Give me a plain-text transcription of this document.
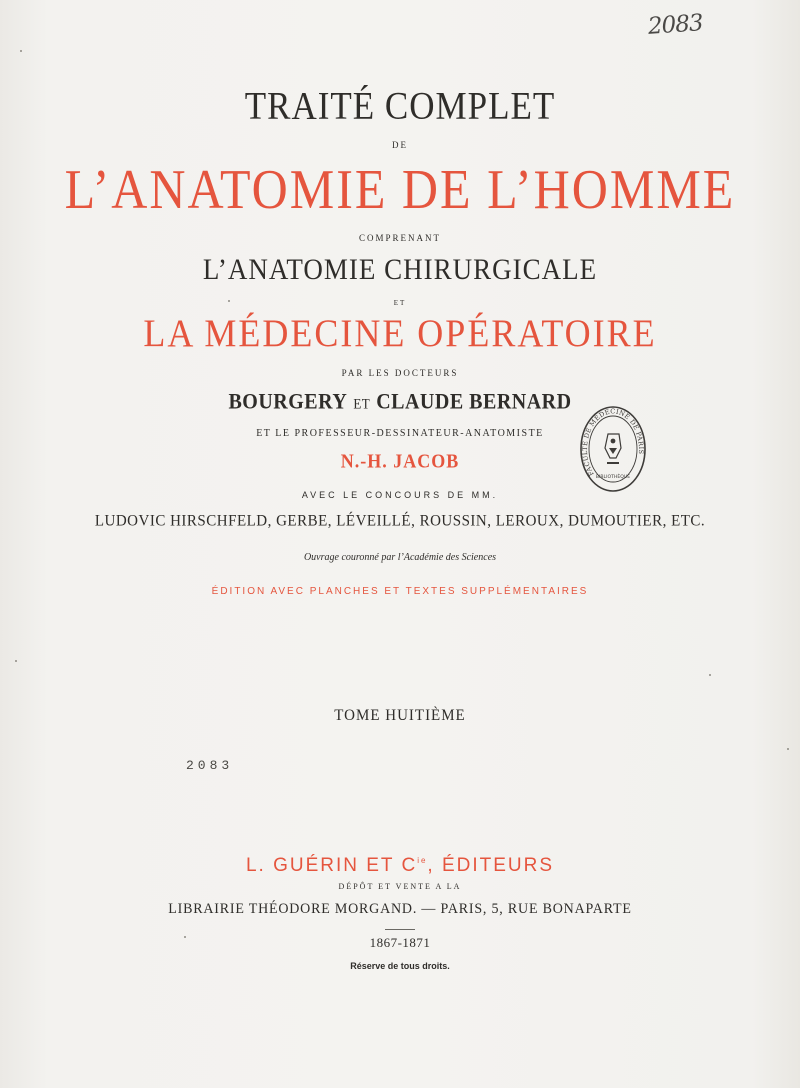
2083

TRAITÉ COMPLET

DE

L’ANATOMIE DE L’HOMME

COMPRENANT

L’ANATOMIE CHIRURGICALE

ET

LA MÉDECINE OPÉRATOIRE

PAR LES DOCTEURS

BOURGERY ET CLAUDE BERNARD

ET LE PROFESSEUR-DESSINATEUR-ANATOMISTE

N.-H. JACOB

AVEC LE CONCOURS DE MM.

LUDOVIC HIRSCHFELD, GERBE, LÉVEILLÉ, ROUSSIN, LEROUX, DUMOUTIER, ETC.

Ouvrage couronné par l’Académie des Sciences

ÉDITION AVEC PLANCHES ET TEXTES SUPPLÉMENTAIRES

TOME HUITIÈME

2083

L. GUÉRIN ET $C^{ie}$, ÉDITEURS

DÉPÔT ET VENTE A LA

LIBRAIRIE THÉODORE MORGAND. — PARIS, 5, RUE BONAPARTE

1867-1871

Réserve de tous droits.

FACULTÉ DE MÉDECINE DE PARIS
BIBLIOTHÈQUE
